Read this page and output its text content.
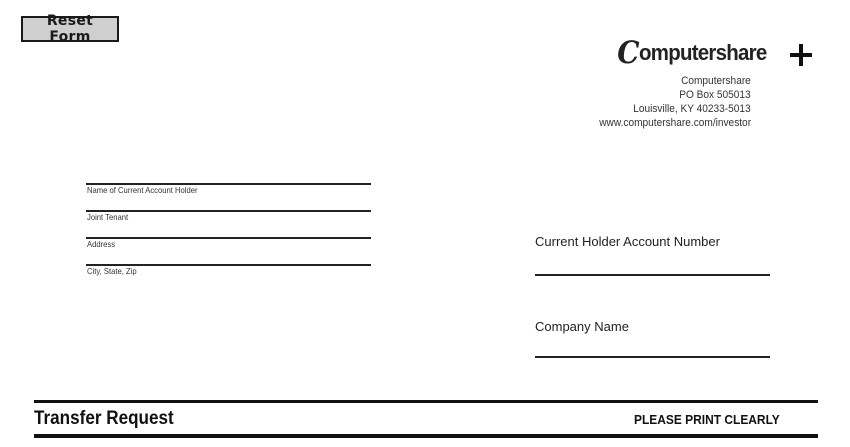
Reset Form	C omputershare
Computershare
PO Box 505013
Louisville, KY 40233-5013
www.computershare.com/investor
Name of Current Account Holder
Joint Tenant
Address
City, State, Zip
Current Holder Account Number
Company Name
Transfer Request	PLEASE PRINT CLEARLY
